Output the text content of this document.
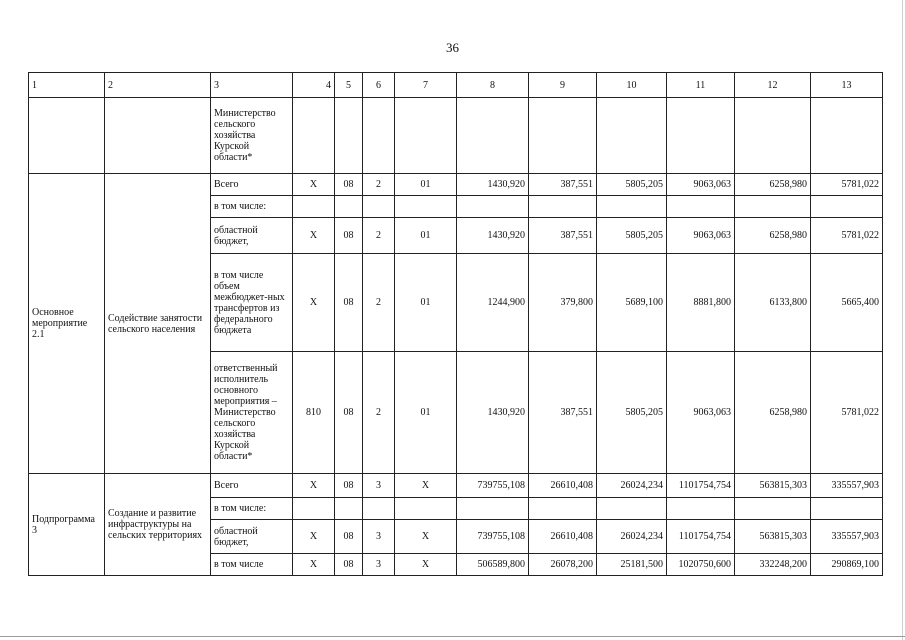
36
1	2	3	4	5	6	7	8	9	10	11	12	13
		Министерство сельского хозяйства Курской области*										
Основное мероприятие 2.1	Содействие занятости сельского населения	Всего	Х	08	2	01	1430,920	387,551	5805,205	9063,063	6258,980	5781,022
		в том числе:										
		областной бюджет,	Х	08	2	01	1430,920	387,551	5805,205	9063,063	6258,980	5781,022
		в том числе объем межбюджет-ных трансфертов из федерального бюджета	Х	08	2	01	1244,900	379,800	5689,100	8881,800	6133,800	5665,400
		ответственный исполнитель основного мероприятия – Министерство сельского хозяйства Курской области*	810	08	2	01	1430,920	387,551	5805,205	9063,063	6258,980	5781,022
Подпрограмма 3	Создание и развитие инфраструктуры на сельских территориях	Всего	Х	08	3	Х	739755,108	26610,408	26024,234	1101754,754	563815,303	335557,903
		в том числе:										
		областной бюджет,	Х	08	3	Х	739755,108	26610,408	26024,234	1101754,754	563815,303	335557,903
		в том числе	Х	08	3	Х	506589,800	26078,200	25181,500	1020750,600	332248,200	290869,100
